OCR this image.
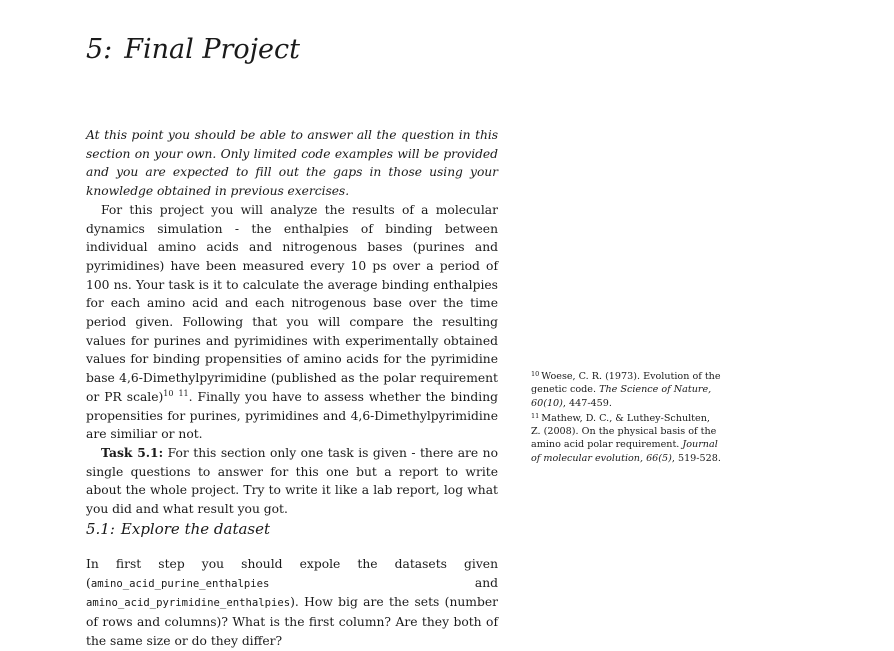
5: Final Project

At this point you should be able to answer all the question in this section on your own. Only limited code examples will be provided and you are expected to fill out the gaps in those using your knowledge obtained in previous exercises.

For this project you will analyze the results of a molecular dynamics simulation - the enthalpies of binding between individual amino acids and nitrogenous bases (purines and pyrimidines) have been measured every 10 ps over a period of 100 ns. Your task is it to calculate the average binding enthalpies for each amino acid and each nitrogenous base over the time period given. Following that you will compare the resulting values for purines and pyrimidines with experimentally obtained values for binding propensities of amino acids for the pyrimidine base 4,6-Dimethylpyrimidine (published as the polar requirement or PR scale)$^{10}$ $^{11}$. Finally you have to assess whether the binding propensities for purines, pyrimidines and 4,6-Dimethylpyrimidine are similiar or not.

Task 5.1: For this section only one task is given - there are no single questions to answer for this one but a report to write about the whole project. Try to write it like a lab report, log what you did and what result you got.

$^{10}$ Woese, C. R. (1973). Evolution of the genetic code. The Science of Nature, 60(10), 447-459.

$^{11}$ Mathew, D. C., & Luthey-Schulten, Z. (2008). On the physical basis of the amino acid polar requirement. Journal of molecular evolution, 66(5), 519-528.

5.1: Explore the dataset

In first step you should expole the datasets given (amino_acid_purine_enthalpies and amino_acid_pyrimidine_enthalpies). How big are the sets (number of rows and columns)? What is the first column? Are they both of the same size or do they differ?
